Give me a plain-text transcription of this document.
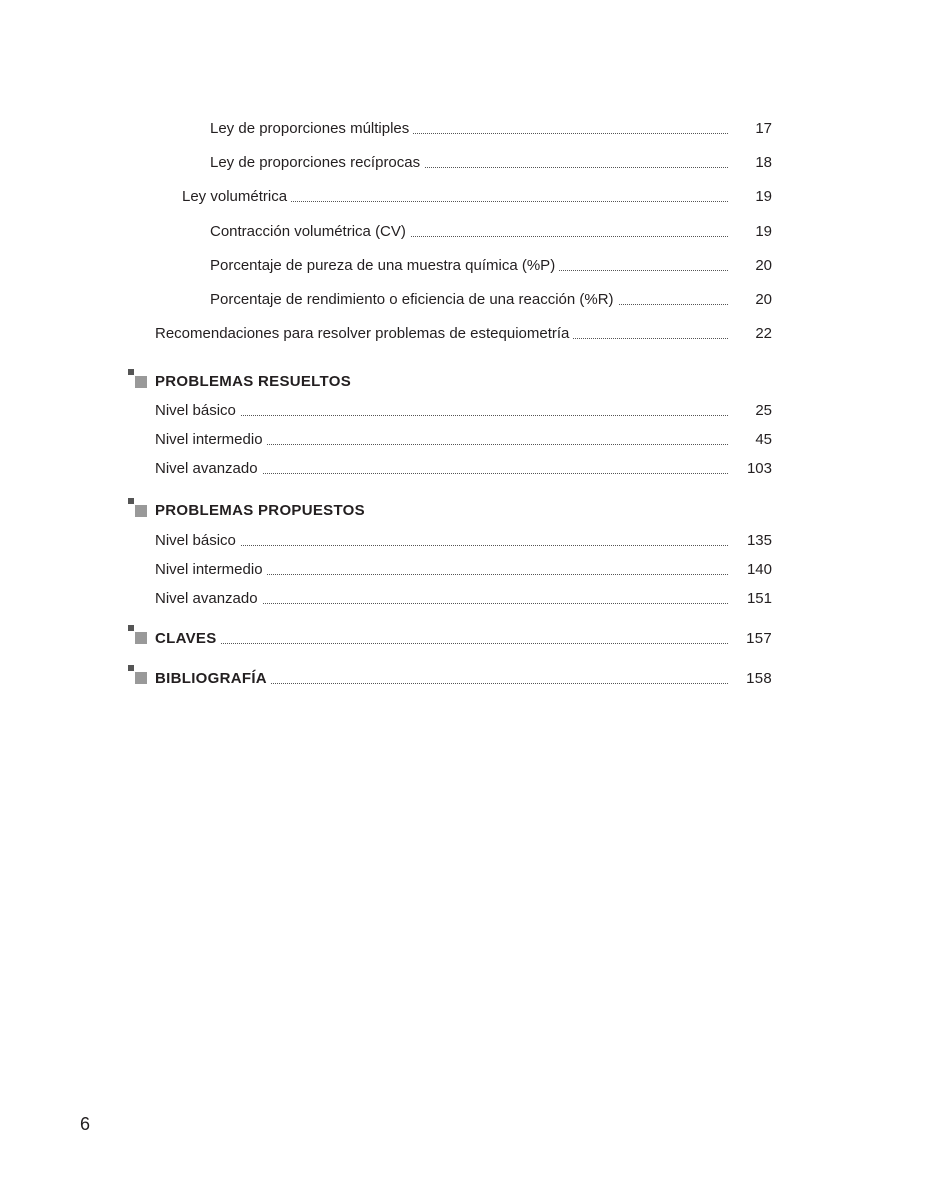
Ley de proporciones múltiples	17
Ley de proporciones recíprocas	18
Ley volumétrica	19
Contracción volumétrica (CV)	19
Porcentaje de pureza de una muestra química (%P)	20
Porcentaje de rendimiento o eficiencia de una reacción (%R)	20
Recomendaciones para resolver problemas de estequiometría	22
PROBLEMAS RESUELTOS
Nivel básico	25
Nivel intermedio	45
Nivel avanzado	103
PROBLEMAS PROPUESTOS
Nivel básico	135
Nivel intermedio	140
Nivel avanzado	151
CLAVES	157
BIBLIOGRAFÍA	158
6
